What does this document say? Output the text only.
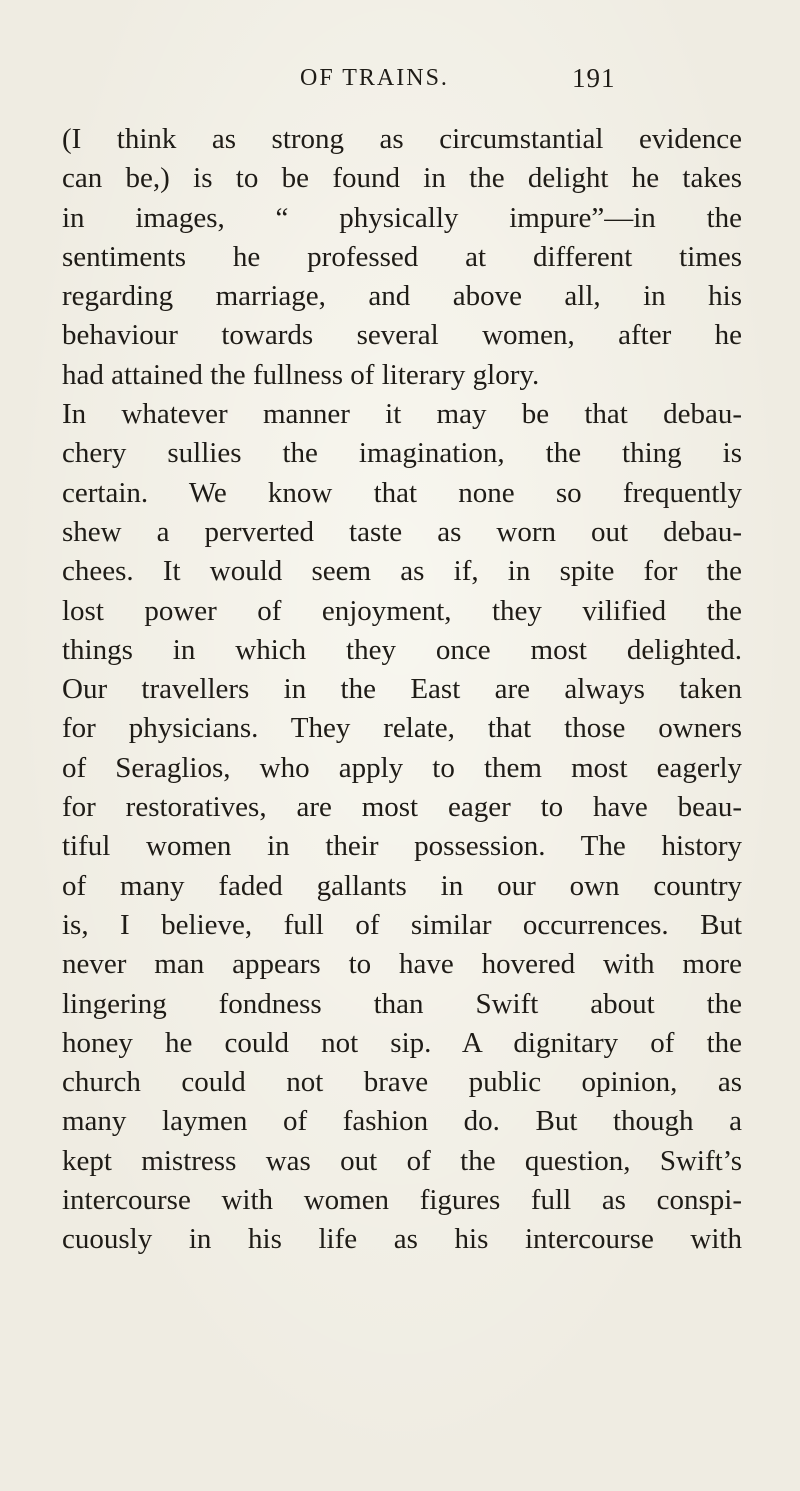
OF TRAINS.	191
(I think as strong as circumstantial evidence
can be,) is to be found in the delight he takes
in images, “ physically impure”—in the
sentiments he professed at different times
regarding marriage, and above all, in his
behaviour towards several women, after he
had attained the fullness of literary glory.
In whatever manner it may be that debau-
chery sullies the imagination, the thing is
certain. We know that none so frequently
shew a perverted taste as worn out debau-
chees. It would seem as if, in spite for the
lost power of enjoyment, they vilified the
things in which they once most delighted.
Our travellers in the East are always taken
for physicians. They relate, that those owners
of Seraglios, who apply to them most eagerly
for restoratives, are most eager to have beau-
tiful women in their possession. The history
of many faded gallants in our own country
is, I believe, full of similar occurrences. But
never man appears to have hovered with more
lingering fondness than Swift about the
honey he could not sip. A dignitary of the
church could not brave public opinion, as
many laymen of fashion do. But though a
kept mistress was out of the question, Swift’s
intercourse with women figures full as conspi-
cuously in his life as his intercourse with
